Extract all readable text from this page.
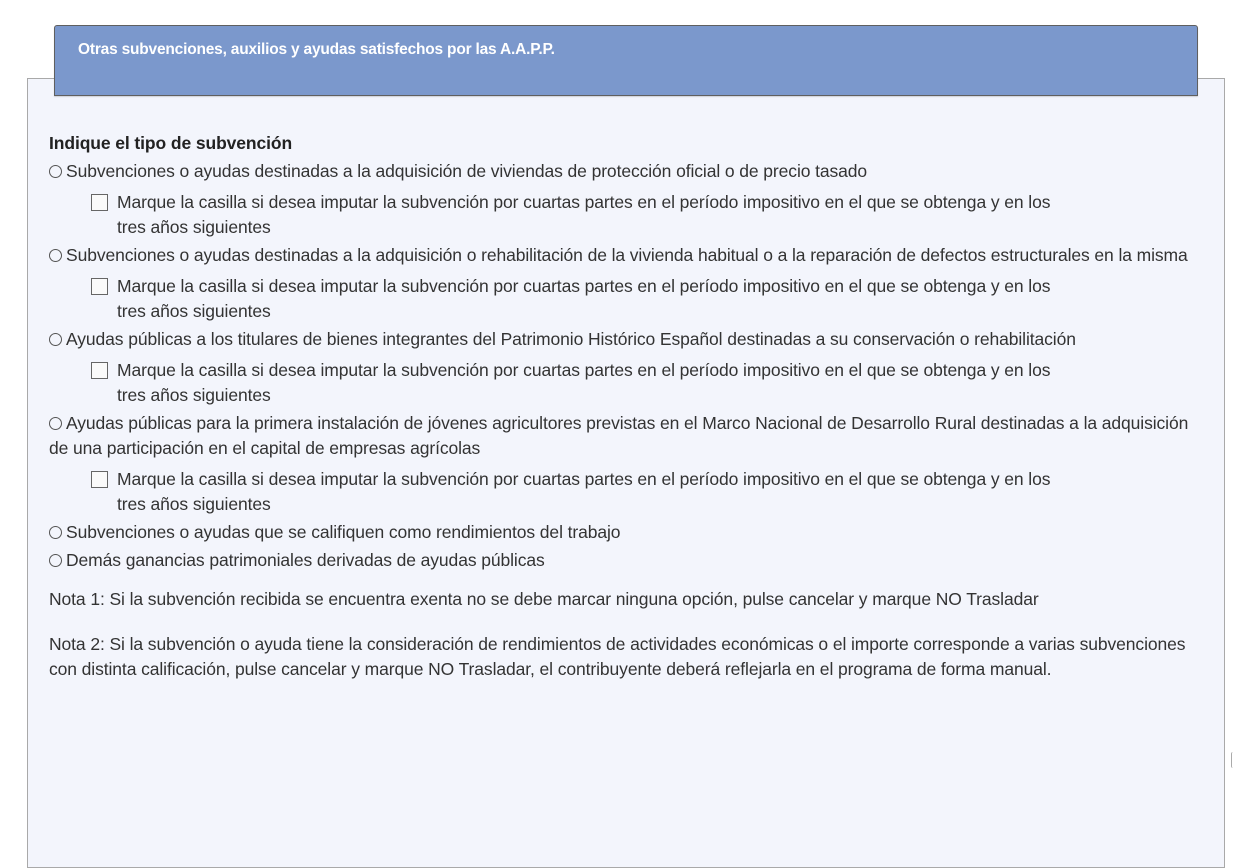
Otras subvenciones, auxilios y ayudas satisfechos por las A.A.P.P.
Indique el tipo de subvención
Subvenciones o ayudas destinadas a la adquisición de viviendas de protección oficial o de precio tasado
Marque la casilla si desea imputar la subvención por cuartas partes en el período impositivo en el que se obtenga y en los tres años siguientes
Subvenciones o ayudas destinadas a la adquisición o rehabilitación de la vivienda habitual o a la reparación de defectos estructurales en la misma
Marque la casilla si desea imputar la subvención por cuartas partes en el período impositivo en el que se obtenga y en los tres años siguientes
Ayudas públicas a los titulares de bienes integrantes del Patrimonio Histórico Español destinadas a su conservación o rehabilitación
Marque la casilla si desea imputar la subvención por cuartas partes en el período impositivo en el que se obtenga y en los tres años siguientes
Ayudas públicas para la primera instalación de jóvenes agricultores previstas en el Marco Nacional de Desarrollo Rural destinadas a la adquisición de una participación en el capital de empresas agrícolas
Marque la casilla si desea imputar la subvención por cuartas partes en el período impositivo en el que se obtenga y en los tres años siguientes
Subvenciones o ayudas que se califiquen como rendimientos del trabajo
Demás ganancias patrimoniales derivadas de ayudas públicas
Nota 1: Si la subvención recibida se encuentra exenta no se debe marcar ninguna opción, pulse cancelar y marque NO Trasladar
Nota 2: Si la subvención o ayuda tiene la consideración de rendimientos de actividades económicas o el importe corresponde a varias subvenciones con distinta calificación, pulse cancelar y marque NO Trasladar, el contribuyente deberá reflejarla en el programa de forma manual.
